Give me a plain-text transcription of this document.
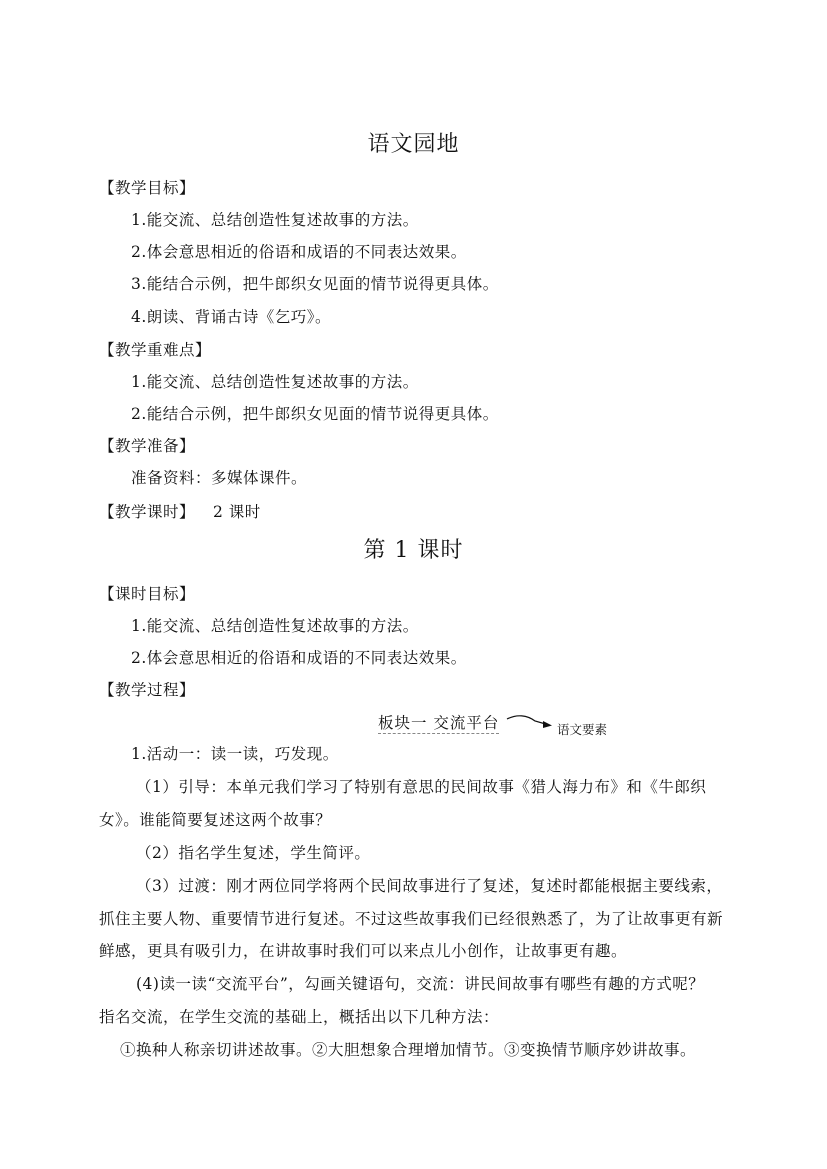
语文园地
【教学目标】
1.能交流、总结创造性复述故事的方法。
2.体会意思相近的俗语和成语的不同表达效果。
3.能结合示例，把牛郎织女见面的情节说得更具体。
4.朗读、背诵古诗《乞巧》。
【教学重难点】
1.能交流、总结创造性复述故事的方法。
2.能结合示例，把牛郎织女见面的情节说得更具体。
【教学准备】
准备资料：多媒体课件。
【教学课时】 2 课时
第 1 课时
【课时目标】
1.能交流、总结创造性复述故事的方法。
2.体会意思相近的俗语和成语的不同表达效果。
【教学过程】
板块一 交流平台	语文要素
1.活动一：读一读，巧发现。
（1）引导：本单元我们学习了特别有意思的民间故事《猎人海力布》和《牛郎织
女》。谁能简要复述这两个故事？
（2）指名学生复述，学生简评。
（3）过渡：刚才两位同学将两个民间故事进行了复述，复述时都能根据主要线索，
抓住主要人物、重要情节进行复述。不过这些故事我们已经很熟悉了，为了让故事更有新
鲜感，更具有吸引力，在讲故事时我们可以来点儿小创作，让故事更有趣。
(4)读一读“交流平台”，勾画关键语句，交流：讲民间故事有哪些有趣的方式呢？
指名交流，在学生交流的基础上，概括出以下几种方法：
①换种人称亲切讲述故事。②大胆想象合理增加情节。③变换情节顺序妙讲故事。
